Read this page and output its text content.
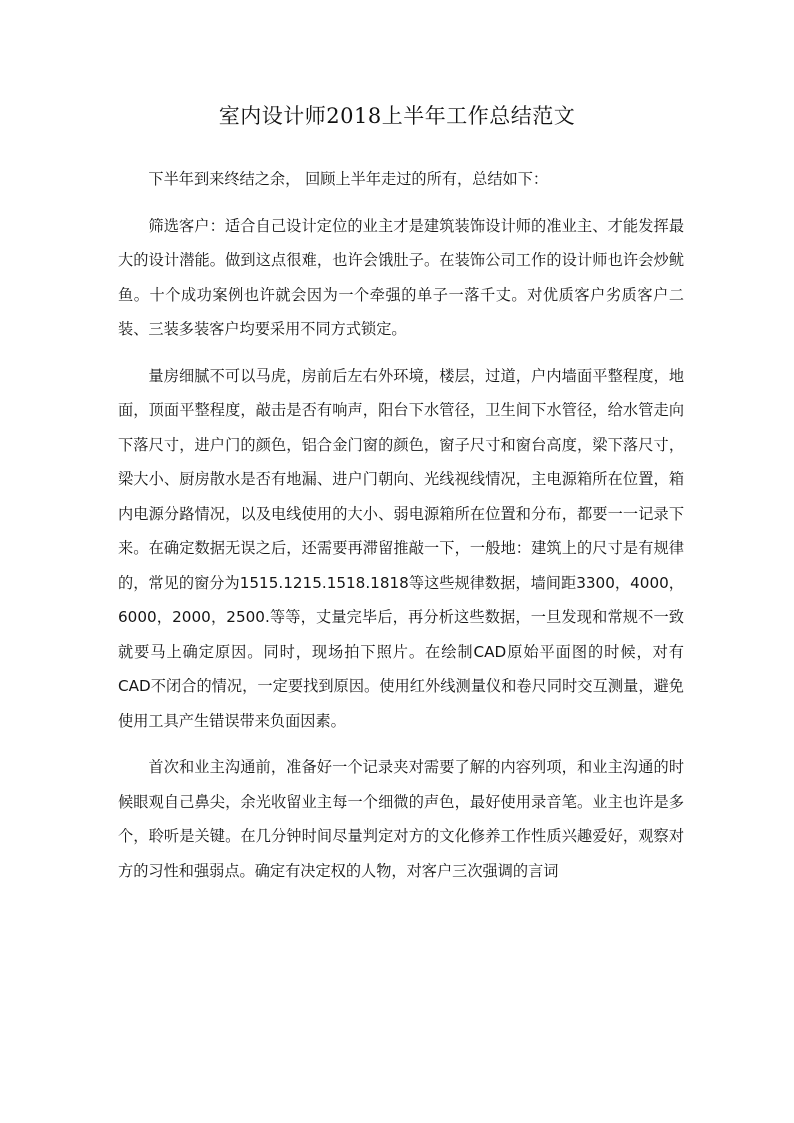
室内设计师2018上半年工作总结范文

下半年到来终结之余， 回顾上半年走过的所有，总结如下：

筛选客户：适合自己设计定位的业主才是建筑装饰设计师的准业主、才能发挥最大的设计潜能。做到这点很难，也许会饿肚子。在装饰公司工作的设计师也许会炒鱿鱼。十个成功案例也许就会因为一个牵强的单子一落千丈。对优质客户劣质客户二装、三装多装客户均要采用不同方式锁定。

量房细腻不可以马虎，房前后左右外环境，楼层，过道，户内墙面平整程度，地面，顶面平整程度，敲击是否有响声，阳台下水管径，卫生间下水管径，给水管走向下落尺寸，进户门的颜色，铝合金门窗的颜色，窗子尺寸和窗台高度，梁下落尺寸，梁大小、厨房散水是否有地漏、进户门朝向、光线视线情况，主电源箱所在位置，箱内电源分路情况，以及电线使用的大小、弱电源箱所在位置和分布，都要一一记录下来。在确定数据无误之后，还需要再滞留推敲一下，一般地：建筑上的尺寸是有规律的，常见的窗分为1515.1215.1518.1818等这些规律数据，墙间距3300，4000，6000，2000，2500.等等，丈量完毕后，再分析这些数据，一旦发现和常规不一致就要马上确定原因。同时，现场拍下照片。在绘制CAD原始平面图的时候，对有CAD不闭合的情况，一定要找到原因。使用红外线测量仪和卷尺同时交互测量，避免使用工具产生错误带来负面因素。

首次和业主沟通前，准备好一个记录夹对需要了解的内容列项，和业主沟通的时候眼观自己鼻尖，余光收留业主每一个细微的声色，最好使用录音笔。业主也许是多个，聆听是关键。在几分钟时间尽量判定对方的文化修养工作性质兴趣爱好，观察对方的习性和强弱点。确定有决定权的人物，对客户三次强调的言词
